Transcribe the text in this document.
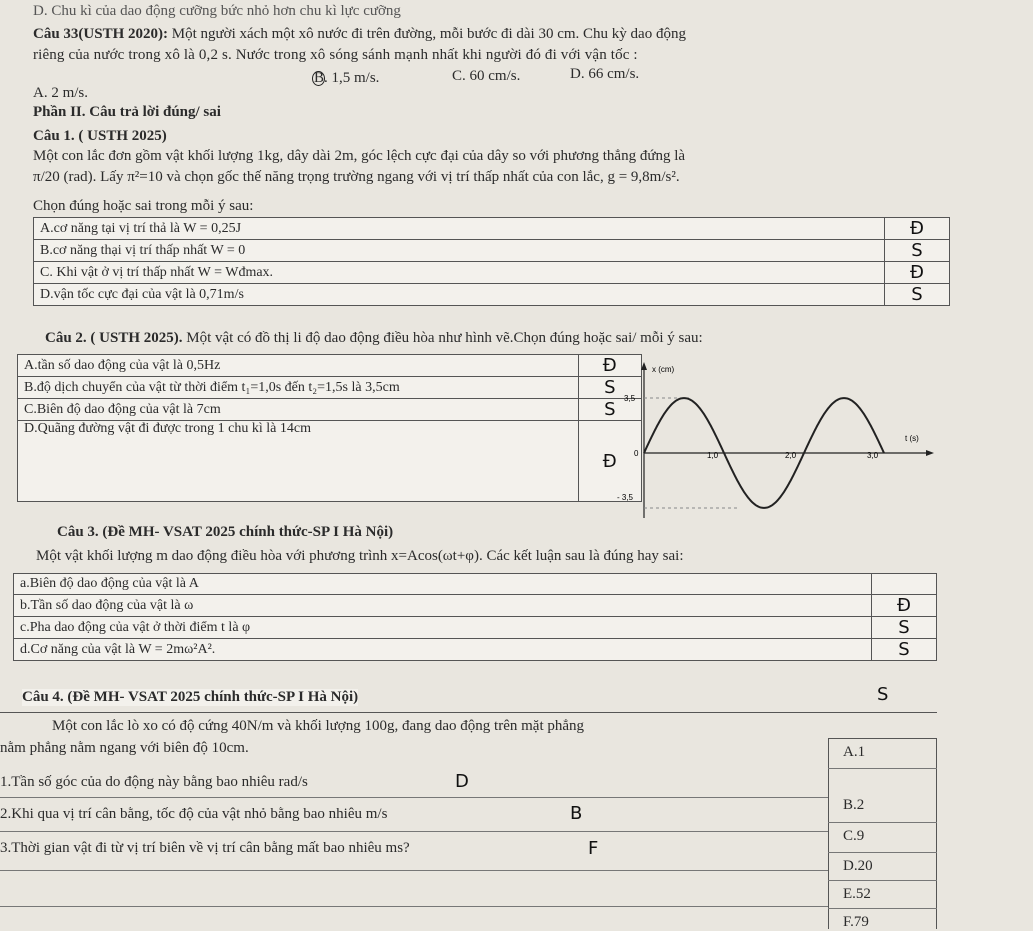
D. Chu kì của dao động cưỡng bức nhỏ hơn chu kì lực cưỡng
Câu 33(USTH 2020): Một người xách một xô nước đi trên đường, mỗi bước đi dài 30 cm. Chu kỳ dao động
riêng của nước trong xô là 0,2 s. Nước trong xô sóng sánh mạnh nhất khi người đó đi với vận tốc :
A. 2 m/s.
B. 1,5 m/s.	C. 60 cm/s.	D. 66 cm/s.
Phần II. Câu trả lời đúng/ sai
Câu 1. ( USTH 2025)
Một con lắc đơn gồm vật khối lượng 1kg, dây dài 2m, góc lệch cực đại của dây so với phương thẳng đứng là
π/20 (rad). Lấy π²=10 và chọn gốc thế năng trọng trường ngang với vị trí thấp nhất của con lắc, g = 9,8m/s².
Chọn đúng hoặc sai trong mỗi ý sau:
A.cơ năng tại vị trí thả là W = 0,25J	Đ
B.cơ năng thại vị trí thấp nhất W = 0	S
C. Khi vật ở vị trí thấp nhất W = Wđmax.	Đ
D.vận tốc cực đại của vật là 0,71m/s	S
Câu 2. ( USTH 2025). Một vật có đồ thị li độ dao động điều hòa như hình vẽ.Chọn đúng hoặc sai/ mỗi ý sau:
A.tần số dao động của vật là 0,5Hz	Đ
B.độ dịch chuyển của vật từ thời điểm t₁=1,0s đến t₂=1,5s là 3,5cm	S
C.Biên độ dao động của vật là 7cm	S
D.Quãng đường vật đi được trong 1 chu kì là 14cm	Đ
x (cm)
t (s)
3,5
0
- 3,5
1,0	2,0	3,0
Câu 3. (Đề MH- VSAT 2025 chính thức-SP I Hà Nội)
Một vật khối lượng m dao động điều hòa với phương trình x=Acos(ωt+φ). Các kết luận sau là đúng hay sai:
a.Biên độ dao động của vật là A	
b.Tần số dao động của vật là ω	Đ
c.Pha dao động của vật ở thời điểm t là φ	S
d.Cơ năng của vật là W = 2mω²A².	S
Câu 4. (Đề MH- VSAT 2025 chính thức-SP I Hà Nội)	S
Một con lắc lò xo có độ cứng 40N/m và khối lượng 100g, đang dao động trên mặt phẳng
nằm phẳng nằm ngang với biên độ 10cm.
1.Tần số góc của do động này bằng bao nhiêu rad/s	D
2.Khi qua vị trí cân bằng, tốc độ của vật nhỏ bằng bao nhiêu m/s	B
3.Thời gian vật đi từ vị trí biên về vị trí cân bằng mất bao nhiêu ms?	F
A.1
B.2
C.9
D.20
E.52
F.79
